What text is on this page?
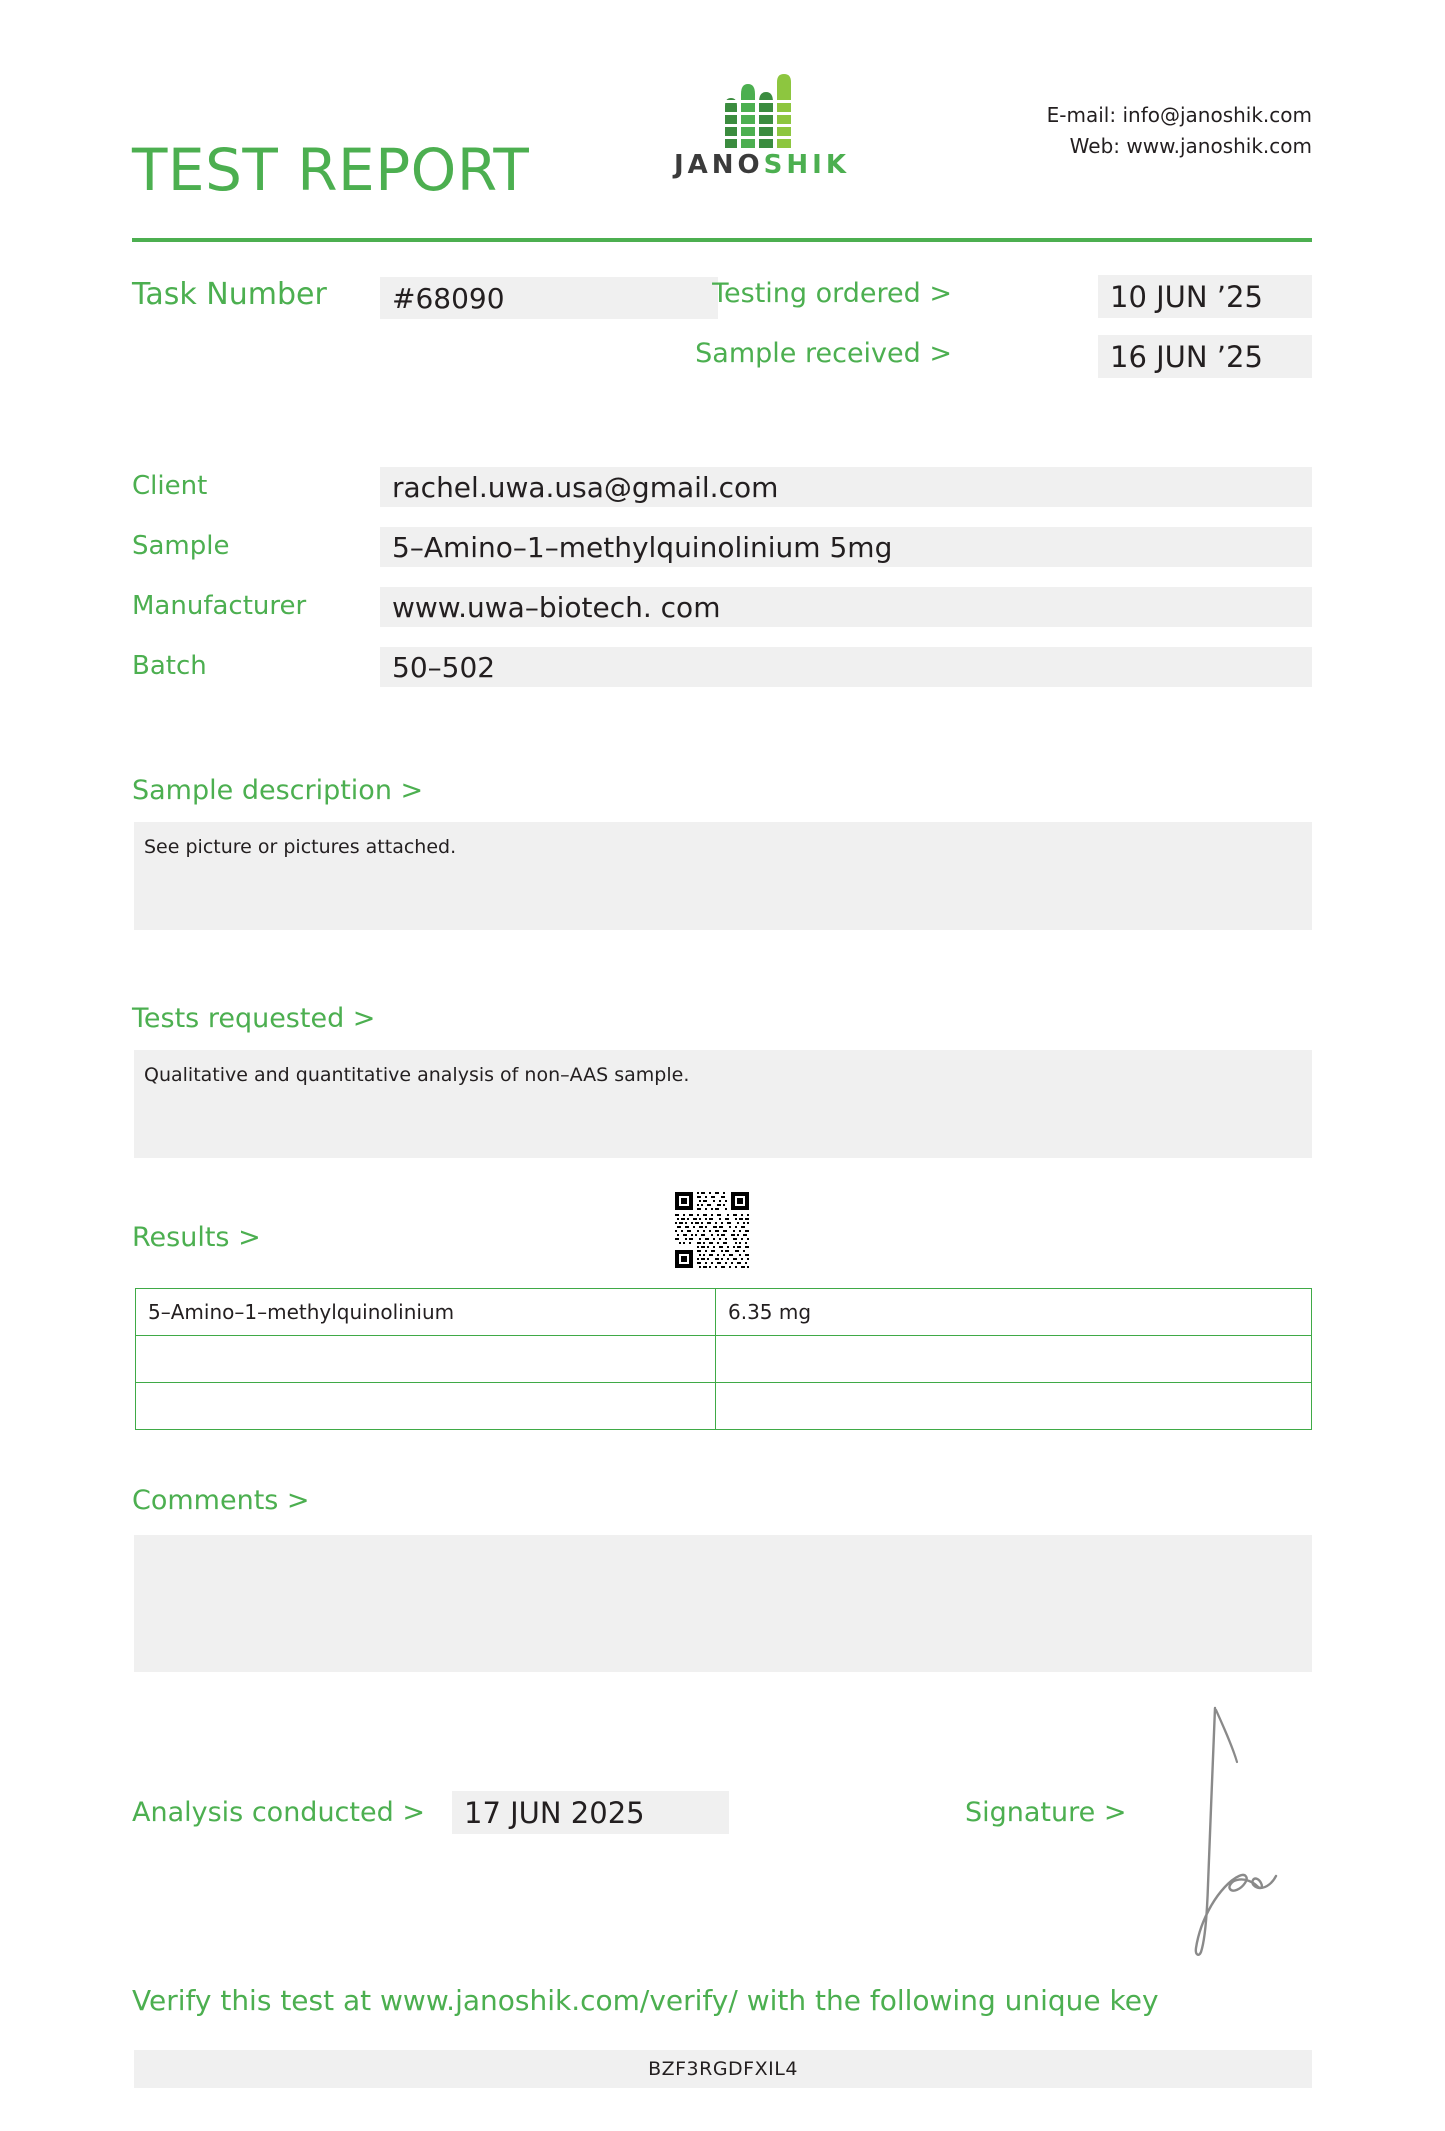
TEST REPORT	JANOSHIK
E-mail: info@janoshik.com
Web: www.janoshik.com
Task Number	#68090	Testing ordered >	10 JUN ’25
Sample received >	16 JUN ’25
Client	rachel.uwa.usa@gmail.com
Sample	5–Amino–1–methylquinolinium 5mg
Manufacturer	www.uwa–biotech. com
Batch	50–502
Sample description >
See picture or pictures attached.
Tests requested >
Qualitative and quantitative analysis of non–AAS sample.
Results >
5–Amino–1–methylquinolinium	6.35 mg

Comments >
Analysis conducted >	17 JUN 2025	Signature >
Verify this test at www.janoshik.com/verify/ with the following unique key
BZF3RGDFXIL4
